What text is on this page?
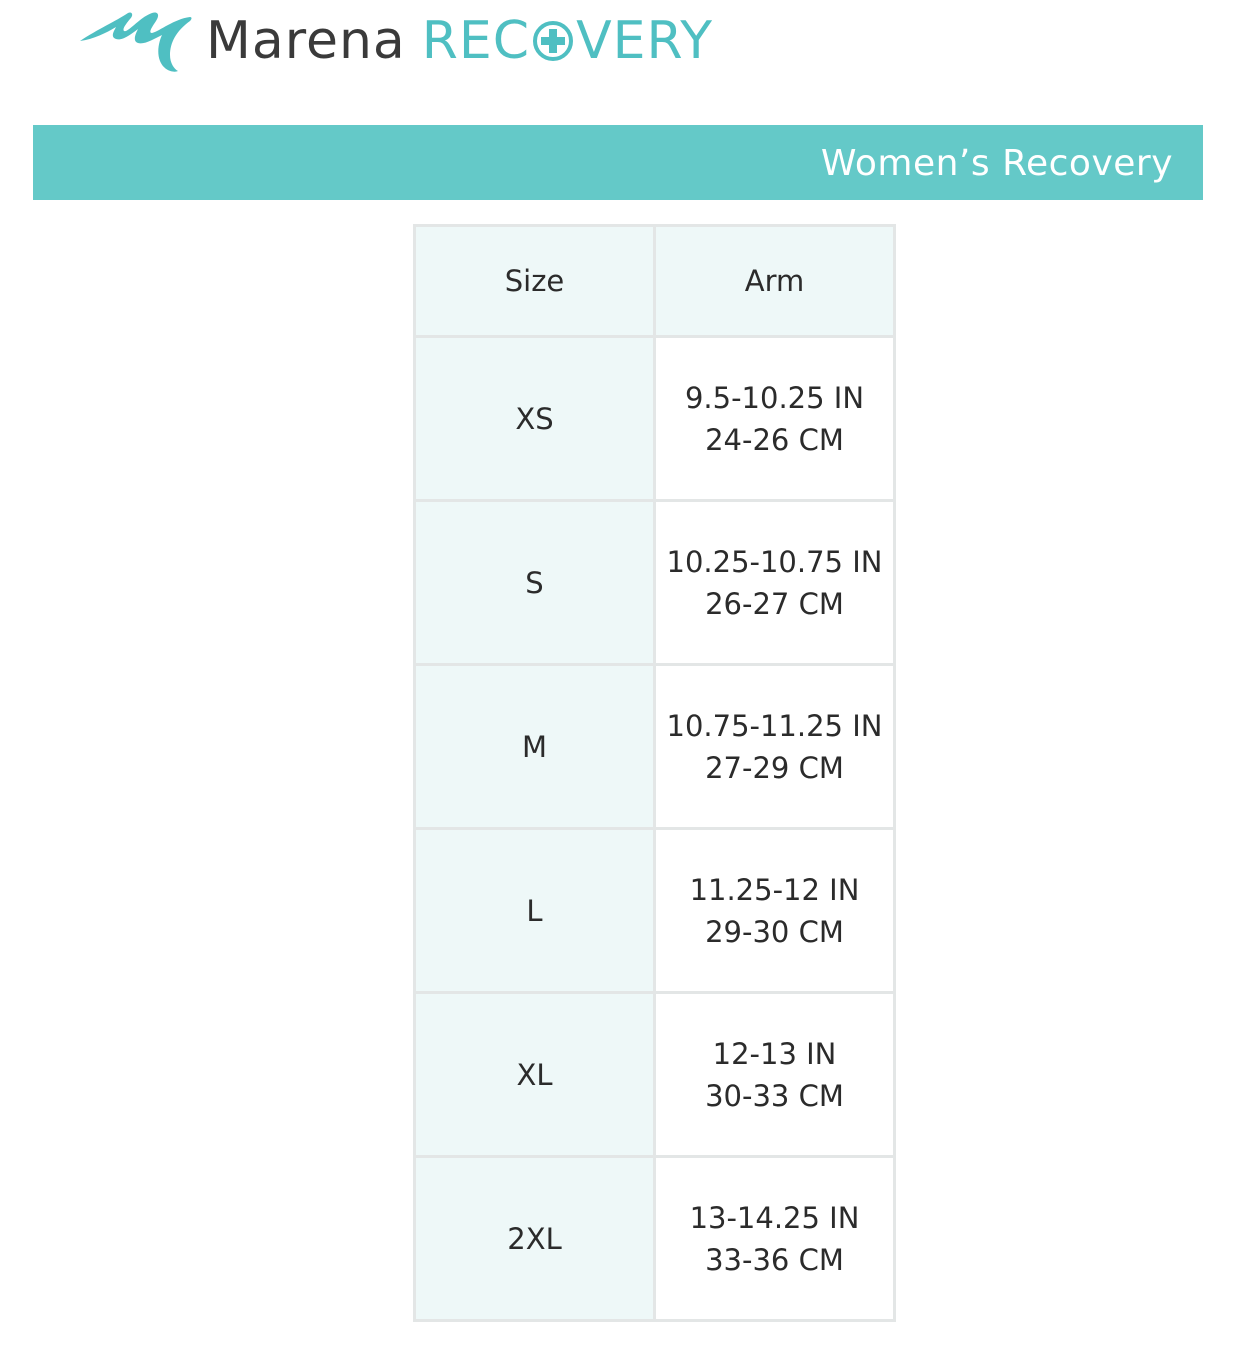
Marena REC VERY
Women’s Recovery
Size	Arm
XS	9.5-10.25 IN
24-26 CM

S	10.25-10.75 IN
26-27 CM

M	10.75-11.25 IN
27-29 CM

L	11.25-12 IN
29-30 CM

XL	12-13 IN
30-33 CM

2XL	13-14.25 IN
33-36 CM
